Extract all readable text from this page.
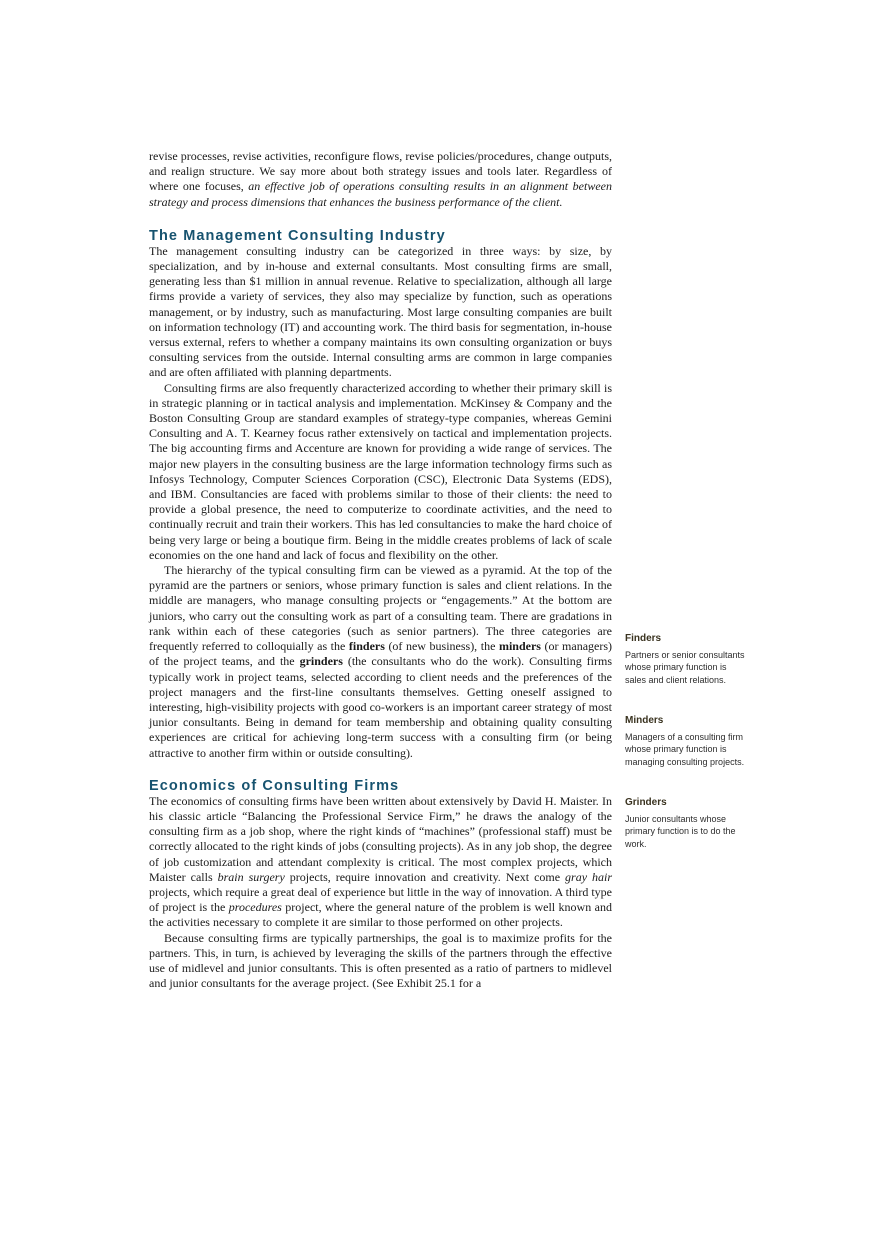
revise processes, revise activities, reconfigure flows, revise policies/procedures, change outputs, and realign structure. We say more about both strategy issues and tools later. Regardless of where one focuses, an effective job of operations consulting results in an alignment between strategy and process dimensions that enhances the business performance of the client.

The Management Consulting Industry

The management consulting industry can be categorized in three ways: by size, by specialization, and by in-house and external consultants. Most consulting firms are small, generating less than $1 million in annual revenue. Relative to specialization, although all large firms provide a variety of services, they also may specialize by function, such as operations management, or by industry, such as manufacturing. Most large consulting companies are built on information technology (IT) and accounting work. The third basis for segmentation, in-house versus external, refers to whether a company maintains its own consulting organization or buys consulting services from the outside. Internal consulting arms are common in large companies and are often affiliated with planning departments.

Consulting firms are also frequently characterized according to whether their primary skill is in strategic planning or in tactical analysis and implementation. McKinsey & Company and the Boston Consulting Group are standard examples of strategy-type companies, whereas Gemini Consulting and A. T. Kearney focus rather extensively on tactical and implementation projects. The big accounting firms and Accenture are known for providing a wide range of services. The major new players in the consulting business are the large information technology firms such as Infosys Technology, Computer Sciences Corporation (CSC), Electronic Data Systems (EDS), and IBM. Consultancies are faced with problems similar to those of their clients: the need to provide a global presence, the need to computerize to coordinate activities, and the need to continually recruit and train their workers. This has led consultancies to make the hard choice of being very large or being a boutique firm. Being in the middle creates problems of lack of scale economies on the one hand and lack of focus and flexibility on the other.

The hierarchy of the typical consulting firm can be viewed as a pyramid. At the top of the pyramid are the partners or seniors, whose primary function is sales and client relations. In the middle are managers, who manage consulting projects or “engagements.” At the bottom are juniors, who carry out the consulting work as part of a consulting team. There are gradations in rank within each of these categories (such as senior partners). The three categories are frequently referred to colloquially as the finders (of new business), the minders (or managers) of the project teams, and the grinders (the consultants who do the work). Consulting firms typically work in project teams, selected according to client needs and the preferences of the project managers and the first-line consultants themselves. Getting oneself assigned to interesting, high-visibility projects with good co-workers is an important career strategy of most junior consultants. Being in demand for team membership and obtaining quality consulting experiences are critical for achieving long-term success with a consulting firm (or being attractive to another firm within or outside consulting).

Economics of Consulting Firms

The economics of consulting firms have been written about extensively by David H. Maister. In his classic article “Balancing the Professional Service Firm,” he draws the analogy of the consulting firm as a job shop, where the right kinds of “machines” (professional staff) must be correctly allocated to the right kinds of jobs (consulting projects). As in any job shop, the degree of job customization and attendant complexity is critical. The most complex projects, which Maister calls brain surgery projects, require innovation and creativity. Next come gray hair projects, which require a great deal of experience but little in the way of innovation. A third type of project is the procedures project, where the general nature of the problem is well known and the activities necessary to complete it are similar to those performed on other projects.

Because consulting firms are typically partnerships, the goal is to maximize profits for the partners. This, in turn, is achieved by leveraging the skills of the partners through the effective use of midlevel and junior consultants. This is often presented as a ratio of partners to midlevel and junior consultants for the average project. (See Exhibit 25.1 for a

Finders

Partners or senior consultants whose primary function is sales and client relations.

Minders

Managers of a consulting firm whose primary function is managing consulting projects.

Grinders

Junior consultants whose primary function is to do the work.
